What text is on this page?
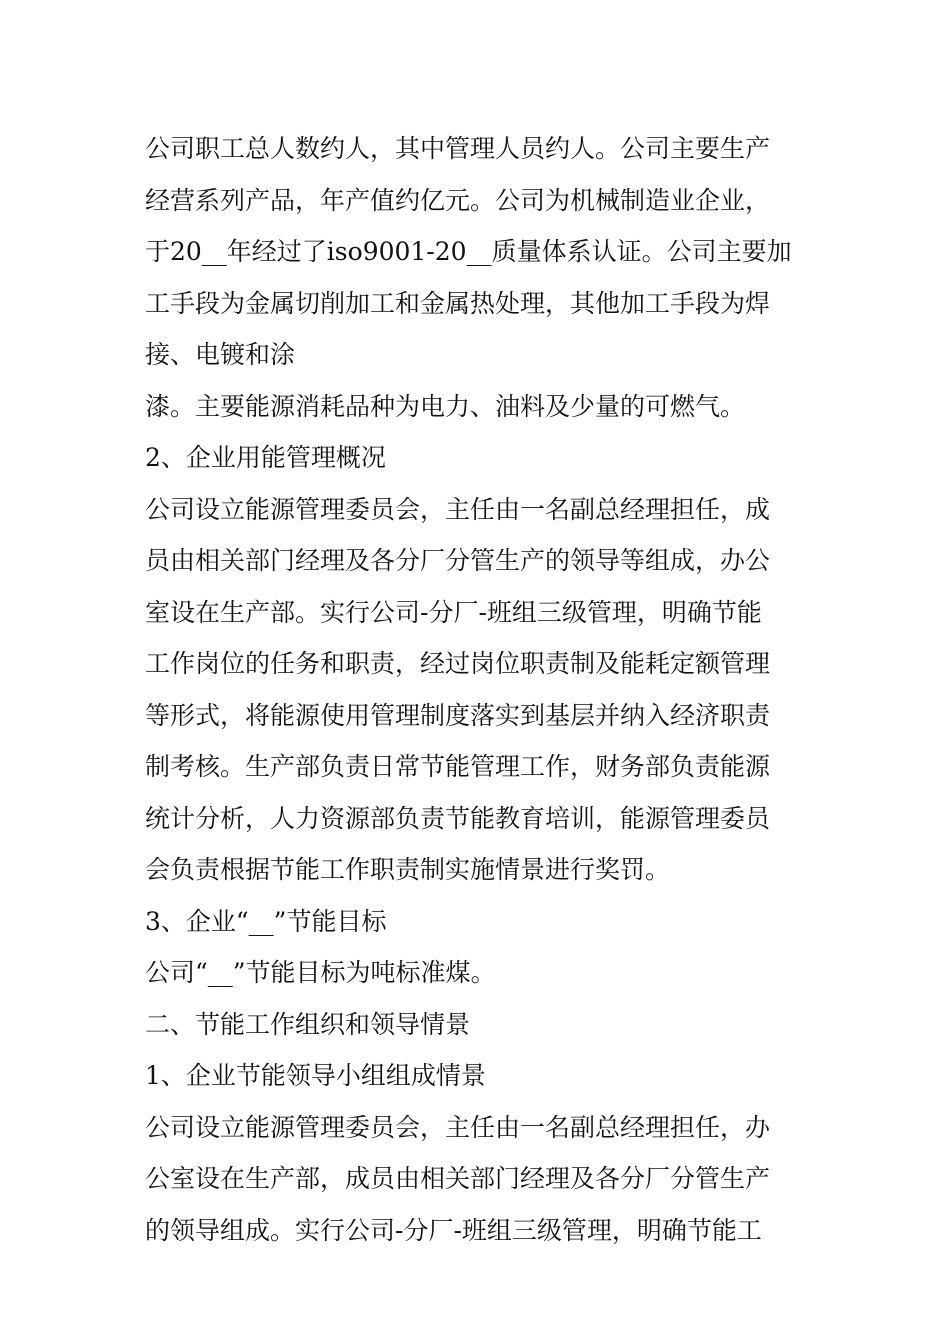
公司职工总人数约人，其中管理人员约人。公司主要生产
经营系列产品，年产值约亿元。公司为机械制造业企业，
于20__年经过了iso9001-20__质量体系认证。公司主要加
工手段为金属切削加工和金属热处理，其他加工手段为焊
接、电镀和涂
漆。主要能源消耗品种为电力、油料及少量的可燃气。
2、企业用能管理概况
公司设立能源管理委员会，主任由一名副总经理担任，成
员由相关部门经理及各分厂分管生产的领导等组成，办公
室设在生产部。实行公司-分厂-班组三级管理，明确节能
工作岗位的任务和职责，经过岗位职责制及能耗定额管理
等形式，将能源使用管理制度落实到基层并纳入经济职责
制考核。生产部负责日常节能管理工作，财务部负责能源
统计分析，人力资源部负责节能教育培训，能源管理委员
会负责根据节能工作职责制实施情景进行奖罚。
3、企业“__”节能目标
公司“__”节能目标为吨标准煤。
二、节能工作组织和领导情景
1、企业节能领导小组组成情景
公司设立能源管理委员会，主任由一名副总经理担任，办
公室设在生产部，成员由相关部门经理及各分厂分管生产
的领导组成。实行公司-分厂-班组三级管理，明确节能工
